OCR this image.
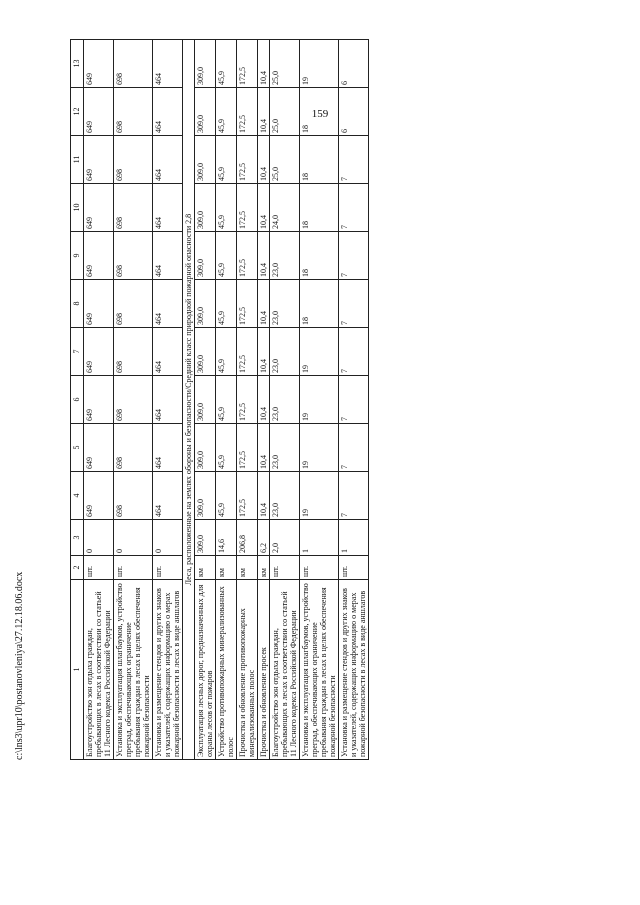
159
1	2	3	4	5	6	7	8	9	10	11	12	13
Благоустройство зон отдыха граждан, пребывающих в лесах в соответствии со статьей 11 Лесного кодекса Российской Федерации	шт.	0	649	649	649	649	649	649	649	649	649	649
Установка и эксплуатация шлагбаумов, устройство преград, обеспечивающих ограничение пребывания граждан в лесах в целях обеспечения пожарной безопасности	шт.	0	698	698	698	698	698	698	698	698	698	698
Установка и размещение стендов и других знаков и указателей, содержащих информацию о мерах пожарной безопасности в лесах в виде аншлагов	шт.	0	464	464	464	464	464	464	464	464	464	464
Леса, расположенные на землях обороны и безопасности/Средний класс природной пожарной опасности 2,8												
Эксплуатация лесных дорог, предназначенных для охраны лесов от пожаров	км	309,0	309,0	309,0	309,0	309,0	309,0	309,0	309,0	309,0	309,0	309,0
Устройство противопожарных минерализованных полос	км	14,6	45,9	45,9	45,9	45,9	45,9	45,9	45,9	45,9	45,9	45,9
Прочистка и обновление противопожарных минерализованных полос	км	206,8	172,5	172,5	172,5	172,5	172,5	172,5	172,5	172,5	172,5	172,5
Прочистка и обновление просек	км	6,2	10,4	10,4	10,4	10,4	10,4	10,4	10,4	10,4	10,4	10,4
Благоустройство зон отдыха граждан, пребывающих в лесах в соответствии со статьей 11 Лесного кодекса Российской Федерации	шт.	2,0	23,0	23,0	23,0	23,0	23,0	23,0	24,0	25,0	25,0	25,0
Установка и эксплуатация шлагбаумов, устройство преград, обеспечивающих ограничение пребывания граждан в лесах в целях обеспечения пожарной безопасности	шт.	1	19	19	19	19	18	18	18	18	18	19
Установка и размещение стендов и других знаков и указателей, содержащих информацию о мерах пожарной безопасности в лесах в виде аншлагов	шт.	1	7	7	7	7	7	7	7	7	6	6
c:\lns3\upr10\postanovleniya\27.12.18.06.docx
